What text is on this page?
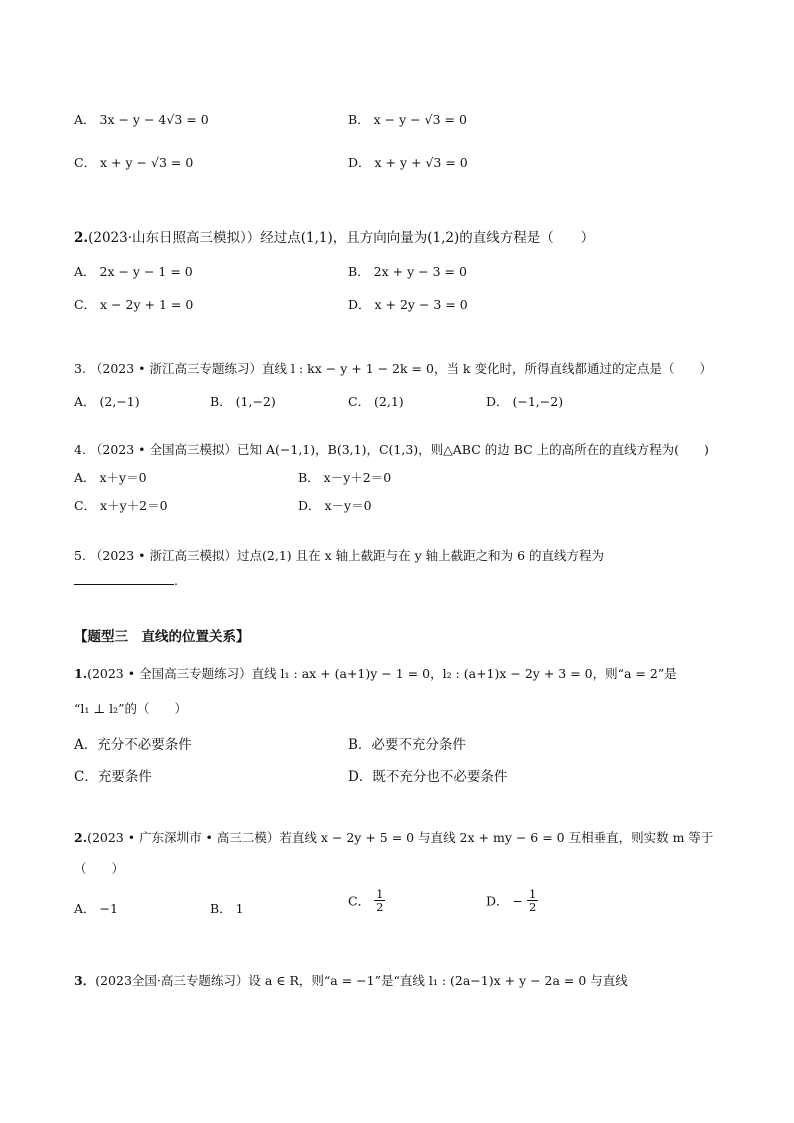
A． 3x − y − 4√3 = 0	B． x − y − √3 = 0
C． x + y − √3 = 0	D． x + y + √3 = 0
2.(2023·山东日照高三模拟））经过点(1,1)，且方向向量为(1,2)的直线方程是（　　）
A． 2x − y − 1 = 0	B． 2x + y − 3 = 0
C． x − 2y + 1 = 0	D． x + 2y − 3 = 0
3. （2023 • 浙江高三专题练习）直线 l : kx − y + 1 − 2k = 0，当 k 变化时，所得直线都通过的定点是（　　）
A． (2,−1)	B． (1,−2)	C． (2,1)	D． (−1,−2)
4. （2023 • 全国高三模拟）已知 A(−1,1)，B(3,1)，C(1,3)，则△ABC 的边 BC 上的高所在的直线方程为(　　)
A． x＋y＝0	B． x－y＋2＝0
C． x＋y＋2＝0	D． x－y＝0
5. （2023 • 浙江高三模拟）过点(2,1) 且在 x 轴上截距与在 y 轴上截距之和为 6 的直线方程为
.
【题型三　直线的位置关系】
1.(2023 • 全国高三专题练习）直线 l₁ : ax + (a+1)y − 1 = 0，l₂ : (a+1)x − 2y + 3 = 0，则“a = 2”是
“l₁ ⊥ l₂”的（　　）
A．充分不必要条件	B．必要不充分条件
C．充要条件	D．既不充分也不必要条件
2.(2023 • 广东深圳市 • 高三二模）若直线 x − 2y + 5 = 0 与直线 2x + my − 6 = 0 互相垂直，则实数 m 等于
（　　）
A． −1	B． 1	C． $\frac{1}{2}$	D． − $\frac{1}{2}$
3．(2023全国·高三专题练习）设 a ∈ R，则“a = −1”是“直线 l₁ : (2a−1)x + y − 2a = 0 与直线
